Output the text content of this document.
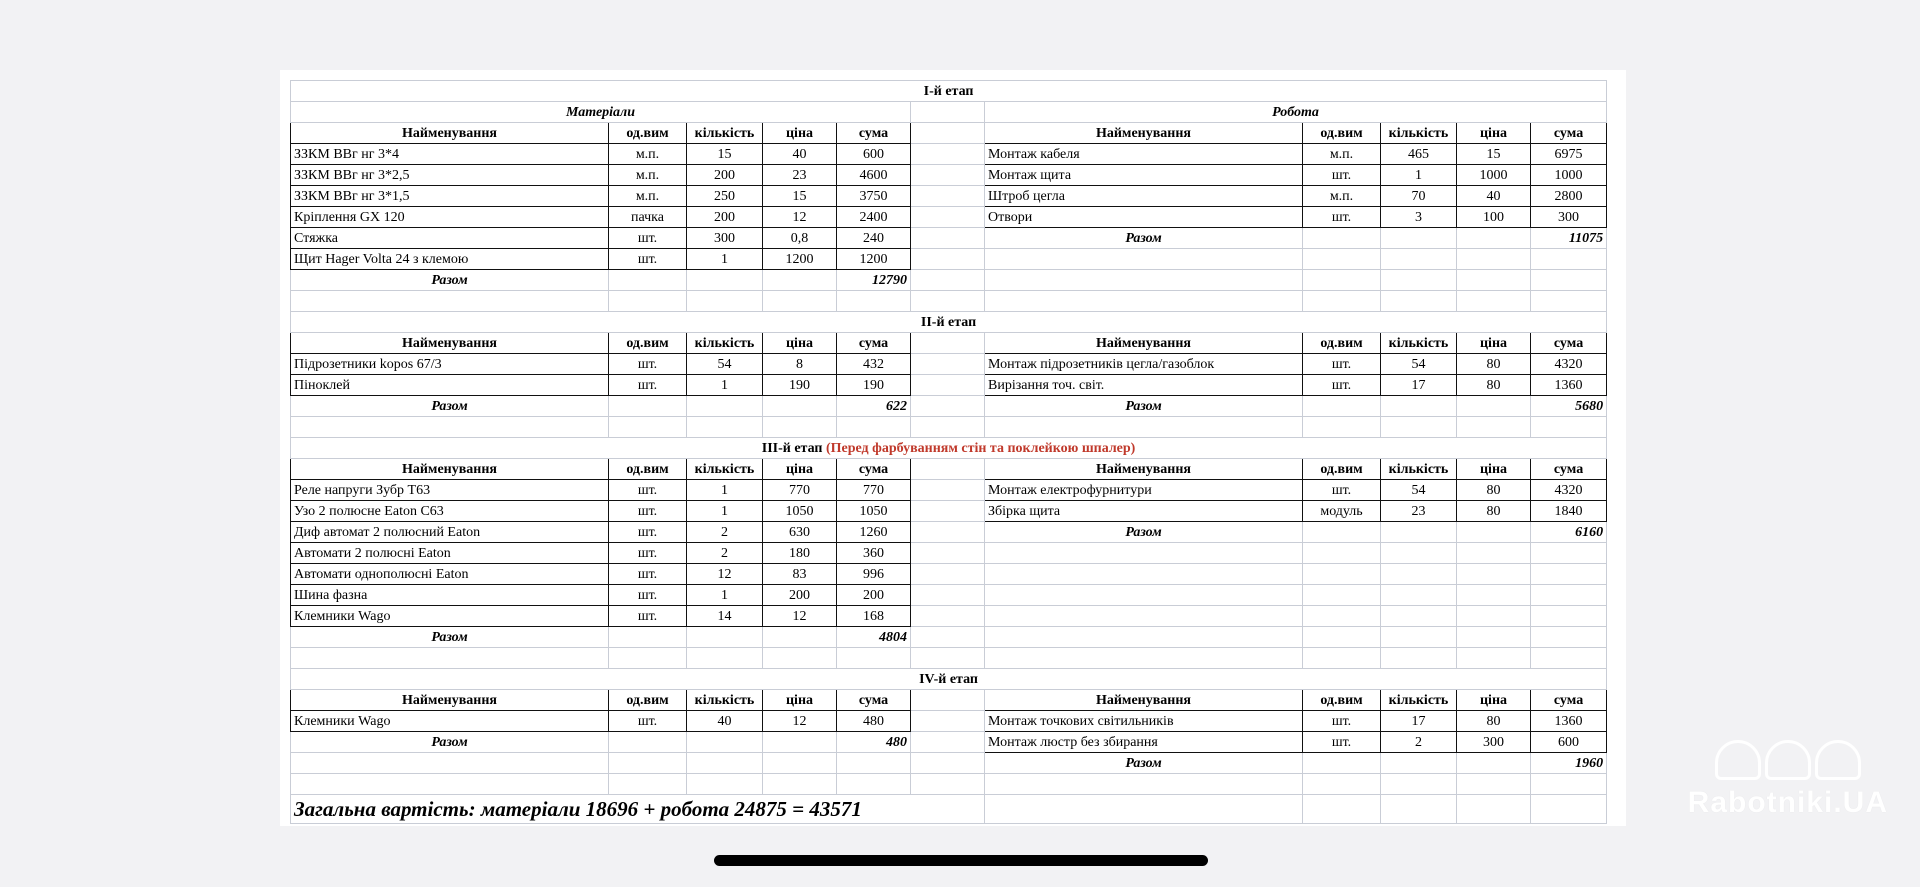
І-й етап										
Матеріали						Робота				
Найменування	од.вим	кількість	ціна	сума		Найменування	од.вим	кількість	ціна	сума
ЗЗКМ ВВг нг 3*4	м.п.	15	40	600		Монтаж кабеля	м.п.	465	15	6975
ЗЗКМ ВВг нг 3*2,5	м.п.	200	23	4600		Монтаж щита	шт.	1	1000	1000
ЗЗКМ ВВг нг 3*1,5	м.п.	250	15	3750		Штроб цегла	м.п.	70	40	2800
Кріплення GX 120	пачка	200	12	2400		Отвори	шт.	3	100	300
Стяжка	шт.	300	0,8	240		Разом				11075
Щит Hager Volta 24 з клемою	шт.	1	1200	1200						
Разом				12790						

ІІ-й етап										
Найменування	од.вим	кількість	ціна	сума		Найменування	од.вим	кількість	ціна	сума
Підрозетники kopos 67/3	шт.	54	8	432		Монтаж підрозетників цегла/газоблок	шт.	54	80	4320
Піноклей	шт.	1	190	190		Вирізання точ. світ.	шт.	17	80	1360
Разом				622		Разом				5680

ІІІ-й етап (Перед фарбуванням стін та поклейкою шпалер)										
Найменування	од.вим	кількість	ціна	сума		Найменування	од.вим	кількість	ціна	сума
Реле напруги Зубр Т63	шт.	1	770	770		Монтаж електрофурнитури	шт.	54	80	4320
Узо 2 полюсне Eaton C63	шт.	1	1050	1050		Збірка щита	модуль	23	80	1840
Диф автомат 2 полюсний Eaton	шт.	2	630	1260		Разом				6160
Автомати 2 полюсні Eaton	шт.	2	180	360						
Автомати однополюсні Eaton	шт.	12	83	996						
Шина фазна	шт.	1	200	200						
Клемники Wago	шт.	14	12	168						
Разом				4804						

ІV-й етап										
Найменування	од.вим	кількість	ціна	сума		Найменування	од.вим	кількість	ціна	сума
Клемники Wago	шт.	40	12	480		Монтаж точкових світильників	шт.	17	80	1360
Разом				480		Монтаж люстр без збирання	шт.	2	300	600
						Разом				1960

Загальна вартість: матеріали 18696 + робота 24875 = 43571											Rabotniki.UA
